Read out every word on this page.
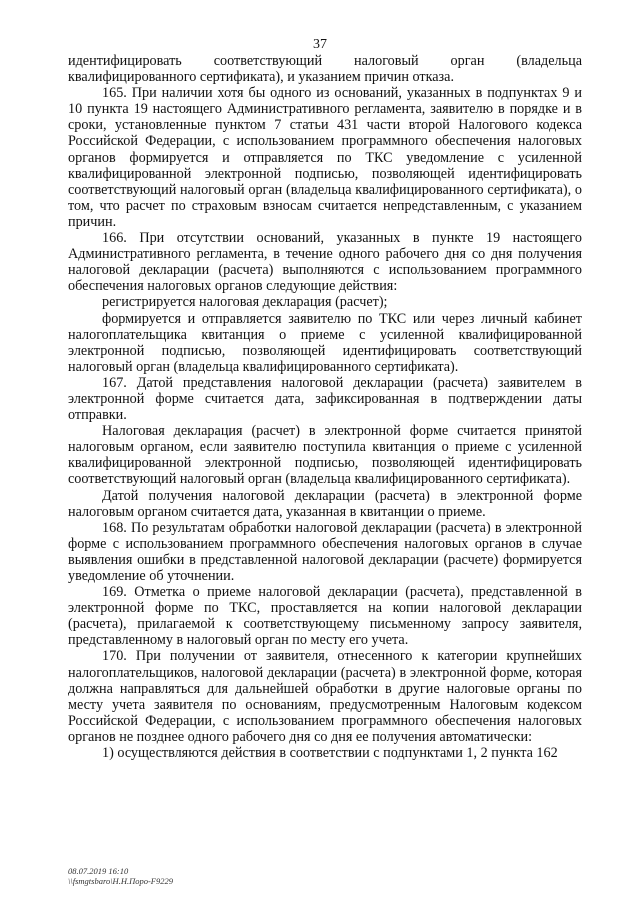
37

идентифицировать соответствующий налоговый орган (владельца квалифицированного сертификата), и указанием причин отказа.

165. При наличии хотя бы одного из оснований, указанных в подпунктах 9 и 10 пункта 19 настоящего Административного регламента, заявителю в порядке и в сроки, установленные пунктом 7 статьи 431 части второй Налогового кодекса Российской Федерации, с использованием программного обеспечения налоговых органов формируется и отправляется по ТКС уведомление с усиленной квалифицированной электронной подписью, позволяющей идентифицировать соответствующий налоговый орган (владельца квалифицированного сертификата), о том, что расчет по страховым взносам считается непредставленным, с указанием причин.

166. При отсутствии оснований, указанных в пункте 19 настоящего Административного регламента, в течение одного рабочего дня со дня получения налоговой декларации (расчета) выполняются с использованием программного обеспечения налоговых органов следующие действия:

регистрируется налоговая декларация (расчет);

формируется и отправляется заявителю по ТКС или через личный кабинет налогоплательщика квитанция о приеме с усиленной квалифицированной электронной подписью, позволяющей идентифицировать соответствующий налоговый орган (владельца квалифицированного сертификата).

167. Датой представления налоговой декларации (расчета) заявителем в электронной форме считается дата, зафиксированная в подтверждении даты отправки.

Налоговая декларация (расчет) в электронной форме считается принятой налоговым органом, если заявителю поступила квитанция о приеме с усиленной квалифицированной электронной подписью, позволяющей идентифицировать соответствующий налоговый орган (владельца квалифицированного сертификата).

Датой получения налоговой декларации (расчета) в электронной форме налоговым органом считается дата, указанная в квитанции о приеме.

168. По результатам обработки налоговой декларации (расчета) в электронной форме с использованием программного обеспечения налоговых органов в случае выявления ошибки в представленной налоговой декларации (расчете) формируется уведомление об уточнении.

169. Отметка о приеме налоговой декларации (расчета), представленной в электронной форме по ТКС, проставляется на копии налоговой декларации (расчета), прилагаемой к соответствующему письменному запросу заявителя, представленному в налоговый орган по месту его учета.

170. При получении от заявителя, отнесенного к категории крупнейших налогоплательщиков, налоговой декларации (расчета) в электронной форме, которая должна направляться для дальнейшей обработки в другие налоговые органы по месту учета заявителя по основаниям, предусмотренным Налоговым кодексом Российской Федерации, с использованием программного обеспечения налоговых органов не позднее одного рабочего дня со дня ее получения автоматически:

1) осуществляются действия в соответствии с подпунктами 1, 2 пункта 162

08.07.2019 16:10
\\fsmgtsbaro\Н.Н.Поро-F9229
